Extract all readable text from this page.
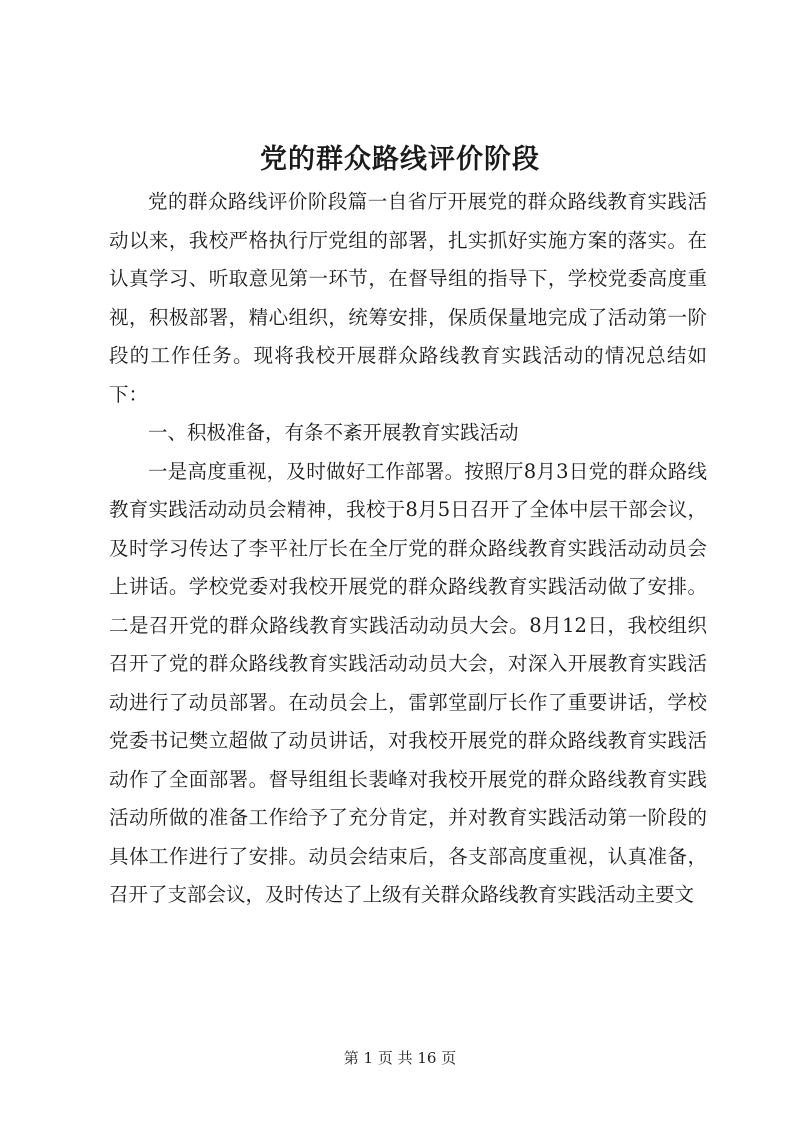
党的群众路线评价阶段

党的群众路线评价阶段篇一自省厅开展党的群众路线教育实践活动以来，我校严格执行厅党组的部署，扎实抓好实施方案的落实。在认真学习、听取意见第一环节，在督导组的指导下，学校党委高度重视，积极部署，精心组织，统筹安排，保质保量地完成了活动第一阶段的工作任务。现将我校开展群众路线教育实践活动的情况总结如下：

一、积极准备，有条不紊开展教育实践活动

一是高度重视，及时做好工作部署。按照厅8月3日党的群众路线教育实践活动动员会精神，我校于8月5日召开了全体中层干部会议，及时学习传达了李平社厅长在全厅党的群众路线教育实践活动动员会上讲话。学校党委对我校开展党的群众路线教育实践活动做了安排。二是召开党的群众路线教育实践活动动员大会。8月12日，我校组织召开了党的群众路线教育实践活动动员大会，对深入开展教育实践活动进行了动员部署。在动员会上，雷郭堂副厅长作了重要讲话，学校党委书记樊立超做了动员讲话，对我校开展党的群众路线教育实践活动作了全面部署。督导组组长裴峰对我校开展党的群众路线教育实践活动所做的准备工作给予了充分肯定，并对教育实践活动第一阶段的具体工作进行了安排。动员会结束后，各支部高度重视，认真准备，召开了支部会议，及时传达了上级有关群众路线教育实践活动主要文

第 1 页 共 16 页
